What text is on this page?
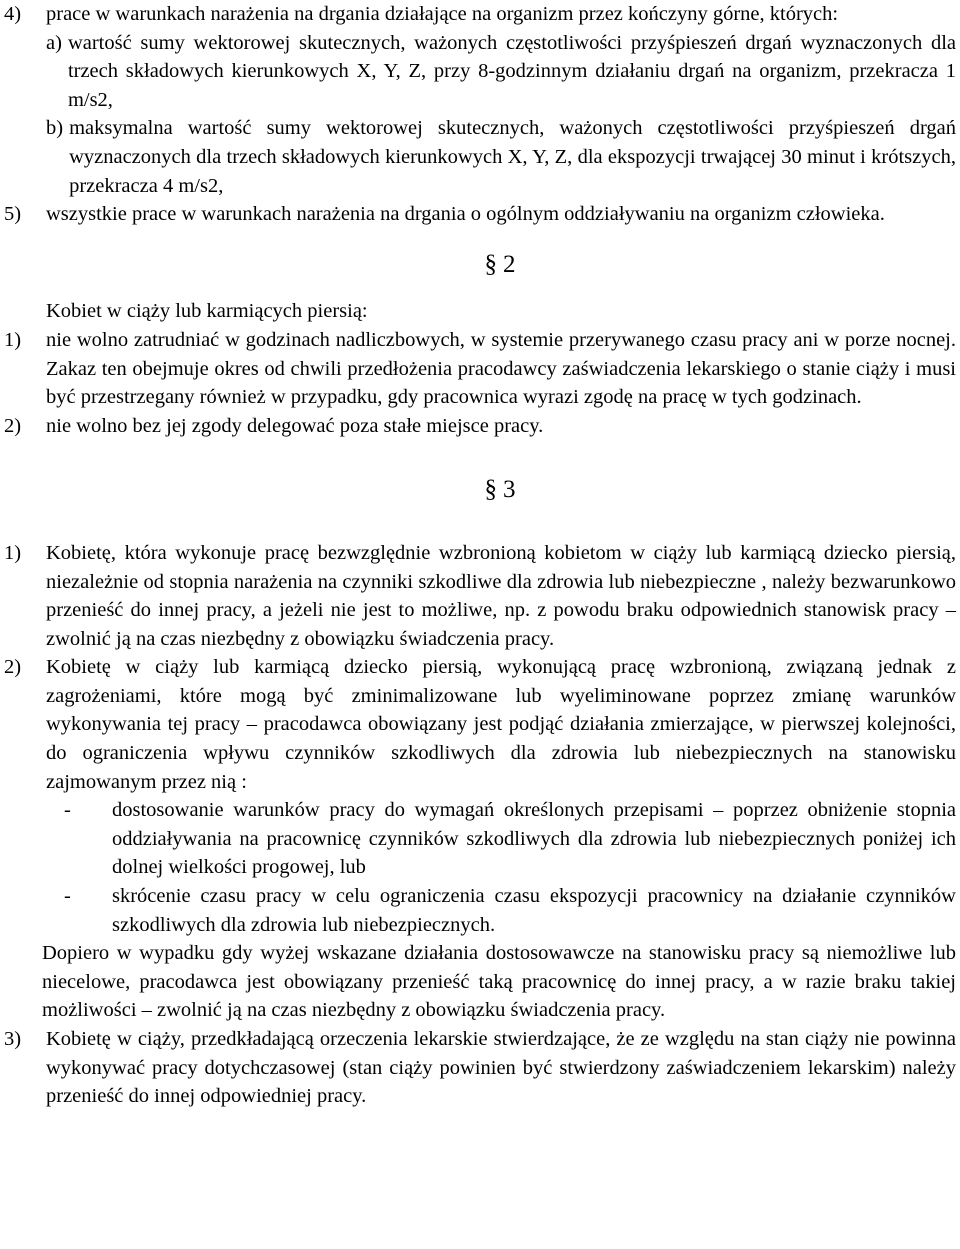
4)	prace w warunkach narażenia na drgania działające na organizm przez kończyny górne, których:
a) wartość sumy wektorowej skutecznych, ważonych częstotliwości przyśpieszeń drgań wyznaczonych dla trzech składowych kierunkowych X, Y, Z, przy 8-godzinnym działaniu drgań na organizm, przekracza 1 m/s2,
b) maksymalna wartość sumy wektorowej skutecznych, ważonych częstotliwości przyśpieszeń drgań wyznaczonych dla trzech składowych kierunkowych X, Y, Z, dla ekspozycji trwającej 30 minut i krótszych, przekracza 4 m/s2,
5)	wszystkie prace w warunkach narażenia na drgania o ogólnym oddziaływaniu na organizm człowieka.
§ 2
Kobiet w ciąży lub karmiących piersią:
1)	nie wolno zatrudniać w godzinach nadliczbowych, w systemie przerywanego czasu pracy ani w porze nocnej. Zakaz ten obejmuje okres od chwili przedłożenia pracodawcy zaświadczenia lekarskiego o stanie ciąży i musi być przestrzegany również w przypadku, gdy pracownica wyrazi zgodę na pracę w tych godzinach.
2)	nie wolno bez jej zgody delegować poza stałe miejsce pracy.
§ 3
1)	Kobietę, która wykonuje pracę bezwzględnie wzbronioną kobietom w ciąży lub karmiącą dziecko piersią, niezależnie od stopnia narażenia na czynniki szkodliwe dla zdrowia lub niebezpieczne , należy bezwarunkowo przenieść do innej pracy, a jeżeli nie jest to możliwe, np. z powodu braku odpowiednich stanowisk pracy – zwolnić ją na czas niezbędny z obowiązku świadczenia pracy.
2)	Kobietę w ciąży lub karmiącą dziecko piersią, wykonującą pracę wzbronioną, związaną jednak z zagrożeniami, które mogą być zminimalizowane lub wyeliminowane poprzez zmianę warunków wykonywania tej pracy – pracodawca obowiązany jest podjąć działania zmierzające, w pierwszej kolejności, do ograniczenia wpływu czynników szkodliwych dla zdrowia lub niebezpiecznych na stanowisku zajmowanym przez nią :
-	dostosowanie warunków pracy do wymagań określonych przepisami – poprzez obniżenie stopnia oddziaływania na pracownicę czynników szkodliwych dla zdrowia lub niebezpiecznych poniżej ich dolnej wielkości progowej, lub
-	skrócenie czasu pracy w celu ograniczenia czasu ekspozycji pracownicy na działanie czynników szkodliwych dla zdrowia lub niebezpiecznych.
Dopiero w wypadku gdy wyżej wskazane działania dostosowawcze na stanowisku pracy są niemożliwe lub niecelowe, pracodawca jest obowiązany przenieść taką pracownicę do innej pracy, a w razie braku takiej możliwości – zwolnić ją na czas niezbędny z obowiązku świadczenia pracy.
3)	Kobietę w ciąży, przedkładającą orzeczenia lekarskie stwierdzające, że ze względu na stan ciąży nie powinna wykonywać pracy dotychczasowej (stan ciąży powinien być stwierdzony zaświadczeniem lekarskim) należy przenieść do innej odpowiedniej pracy.
